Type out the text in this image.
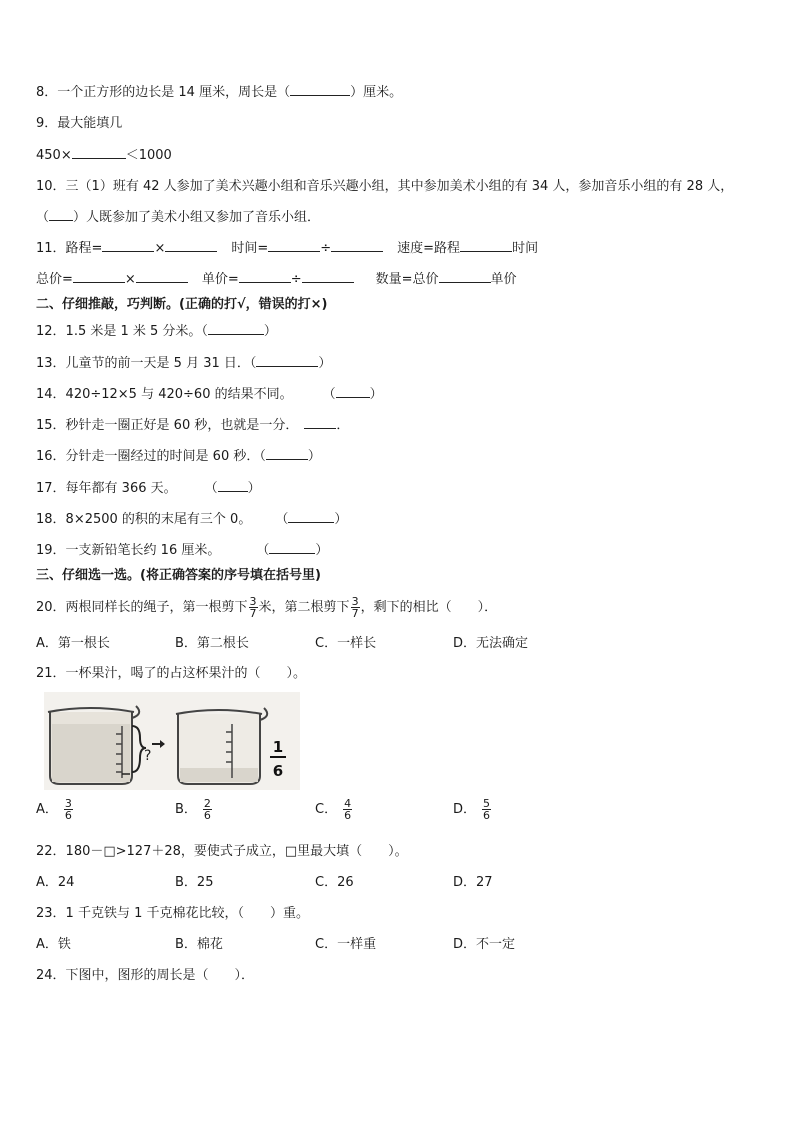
8．一个正方形的边长是 14 厘米，周长是（	）厘米。
9．最大能填几
450×	＜1000
10．三（1）班有 42 人参加了美术兴趣小组和音乐兴趣小组，其中参加美术小组的有 34 人，参加音乐小组的有 28 人，
（ ）人既参加了美术小组又参加了音乐小组．
11．路程=	×	时间=	÷	速度=路程	时间
总价=	×	单价=	÷	数量=总价	单价
二、仔细推敲，巧判断。(正确的打√，错误的打×)
12．1.5 米是 1 米 5 分米。（	）
13．儿童节的前一天是 5 月 31 日．（	）
14．420÷12×5 与 420÷60 的结果不同。 （	）
15．秒针走一圈正好是 60 秒，也就是一分．	．
16．分针走一圈经过的时间是 60 秒．（	）
17．每年都有 366 天。 （ ）
18．8×2500 的积的末尾有三个 0。 （	）
19．一支新铅笔长约 16 厘米。	（	）
三、仔细选一选。(将正确答案的序号填在括号里)
20．两根同样长的绳子，第一根剪下 $\frac{3}{7}$ 米，第二根剪下 $\frac{3}{7}$ ，剩下的相比（　　）．
A．第一根长	B．第二根长	C．一样长	D．无法确定
21．一杯果汁，喝了的占这杯果汁的（　　）。
?	1
6
A． $\frac{3}{6}$	B． $\frac{2}{6}$	C． $\frac{4}{6}$	D． $\frac{5}{6}$
22．180－□>127＋28，要使式子成立，□里最大填（　　）。
A．24	B．25	C．26	D．27
23．1 千克铁与 1 千克棉花比较，（　　）重。
A．铁	B．棉花	C．一样重	D．不一定
24．下图中，图形的周长是（　　）．
